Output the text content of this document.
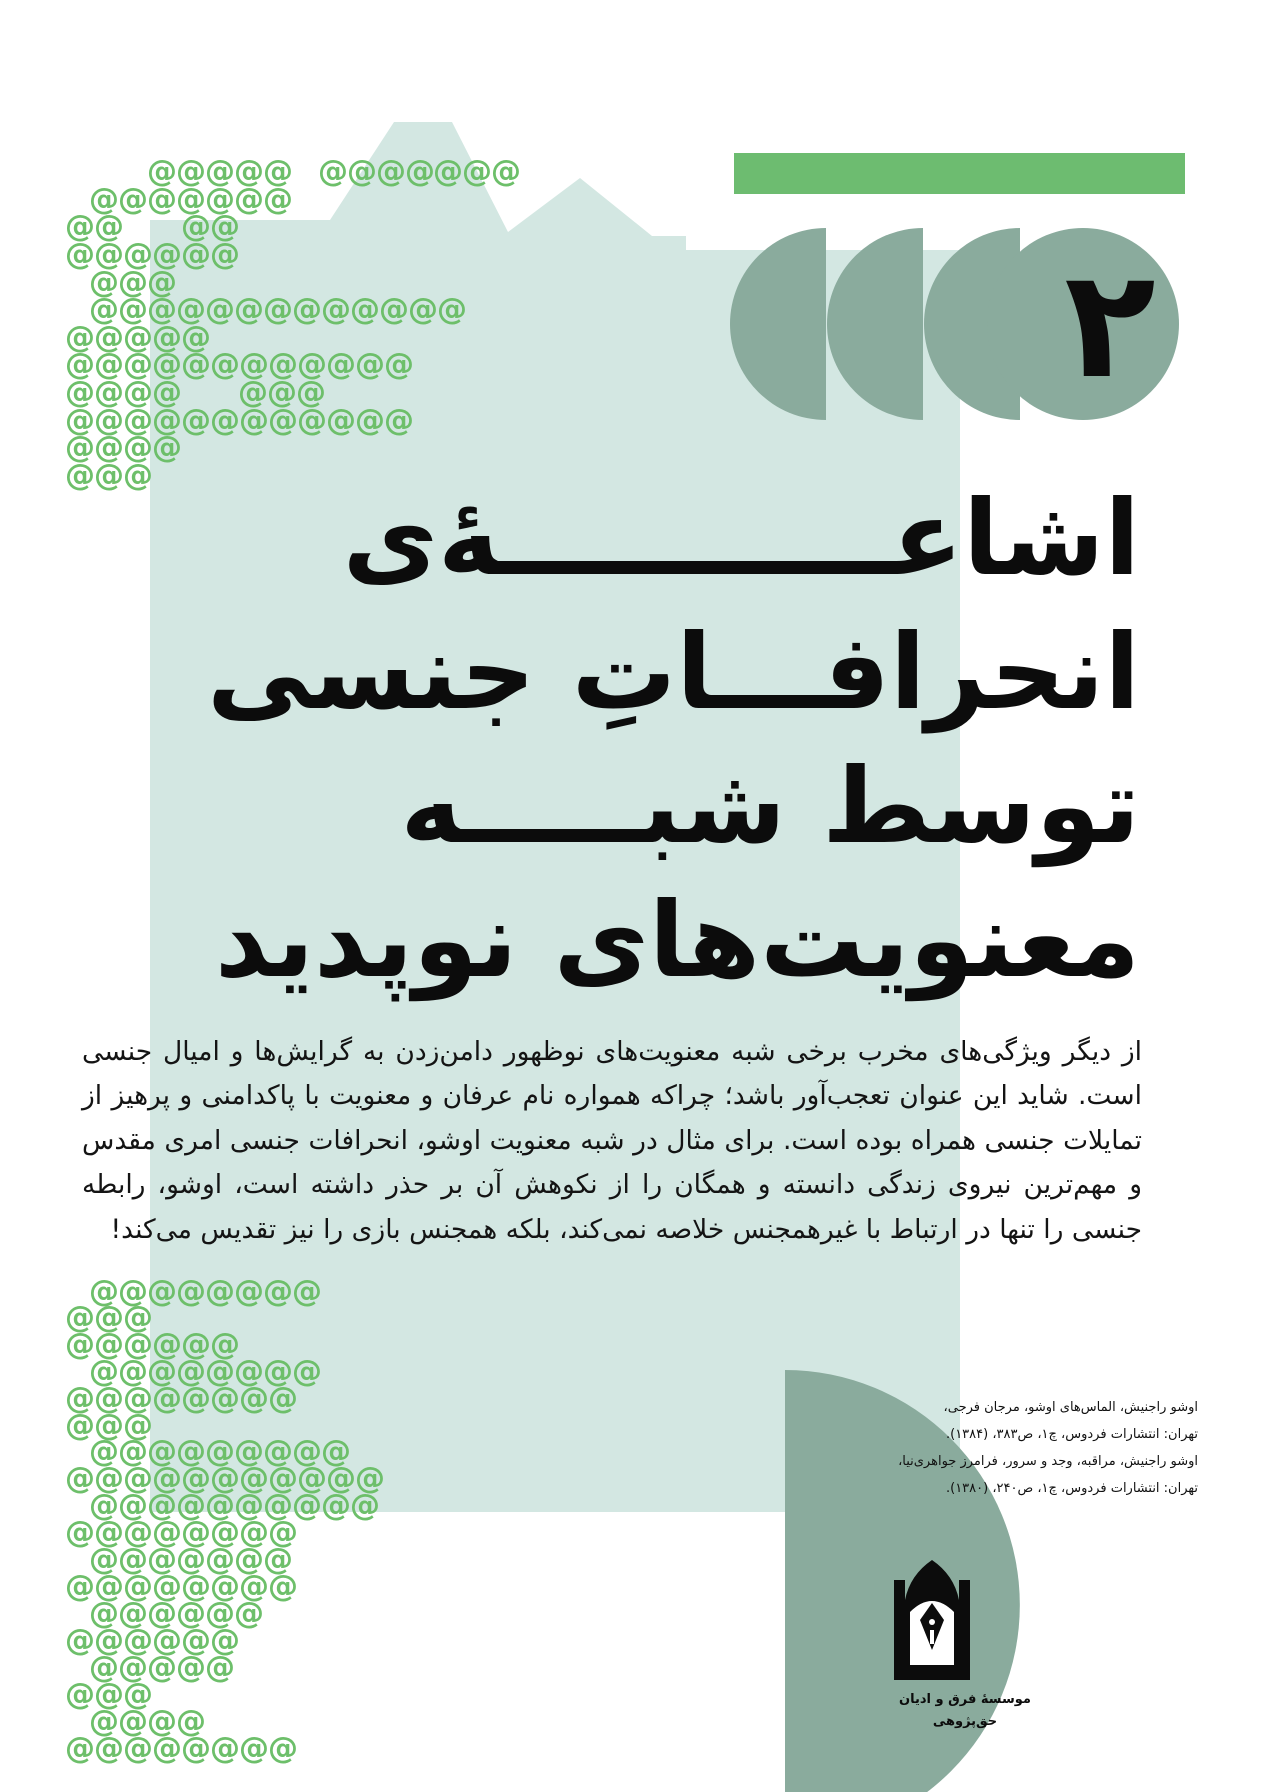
@ @ @ @ @ @ @ @ @
@ @ @
@ @ @ @ @ @ @
@ @ @ @
@ @ @ @ @ @
@ @ @
@ @ @ @ @ @ @ @ @ @ @ @ @
@ @ @ @ @
@ @ @ @ @ @ @ @ @ @ @ @
@ @ @ @ @ @ @
@ @ @ @ @ @ @ @ @ @ @ @
@ @ @ @
@ @ @
@ @ @ @ @ @ @ @
@ @ @
@ @ @ @ @ @
@ @ @ @ @ @ @ @
@ @ @ @ @ @ @ @
@ @ @
@ @ @ @ @ @ @ @ @
@ @ @ @ @ @ @ @ @ @ @
@ @ @ @ @ @ @ @ @ @
@ @ @ @ @ @ @ @
@ @ @ @ @ @ @
@ @ @ @ @ @ @ @
@ @ @ @ @ @
@ @ @ @ @ @
@ @ @ @ @
@ @ @
@ @ @ @
@ @ @ @ @ @ @ @
۲
اشاعـــــــــــهٔ‌ی
انحرافـــاتِ جنسی
توسط شبـــــه
معنویت‌های نوپدید

از دیگر ویژگی‌های مخرب برخی شبه معنویت‌های نوظهور دامن‌زدن به گرایش‌ها و امیال جنسی است. شاید این عنوان تعجب‌آور باشد؛ چراکه همواره نام عرفان و معنویت با پاکدامنی و پرهیز از تمایلات جنسی همراه بوده است. برای مثال در شبه معنویت اوشو، انحرافات جنسی امری مقدس و مهم‌ترین نیروی زندگی دانسته و همگان را از نکوهش آن بر حذر داشته است، اوشو، رابطه جنسی را تنها در ارتباط با غیرهمجنس خلاصه نمی‌کند، بلکه همجنس بازی را نیز تقدیس می‌کند!

اوشو راجنیش، الماس‌های اوشو، مرجان فرجی،
تهران: انتشارات فردوس، چ۱، ص۳۸۳، (۱۳۸۴).
اوشو راجنیش، مراقبه، وجد و سرور، فرامرز جواهری‌نیا،
تهران: انتشارات فردوس، چ۱، ص۲۴۰، (۱۳۸۰).
موسسهٔ فرق و ادیان
حق‌پژوهی
